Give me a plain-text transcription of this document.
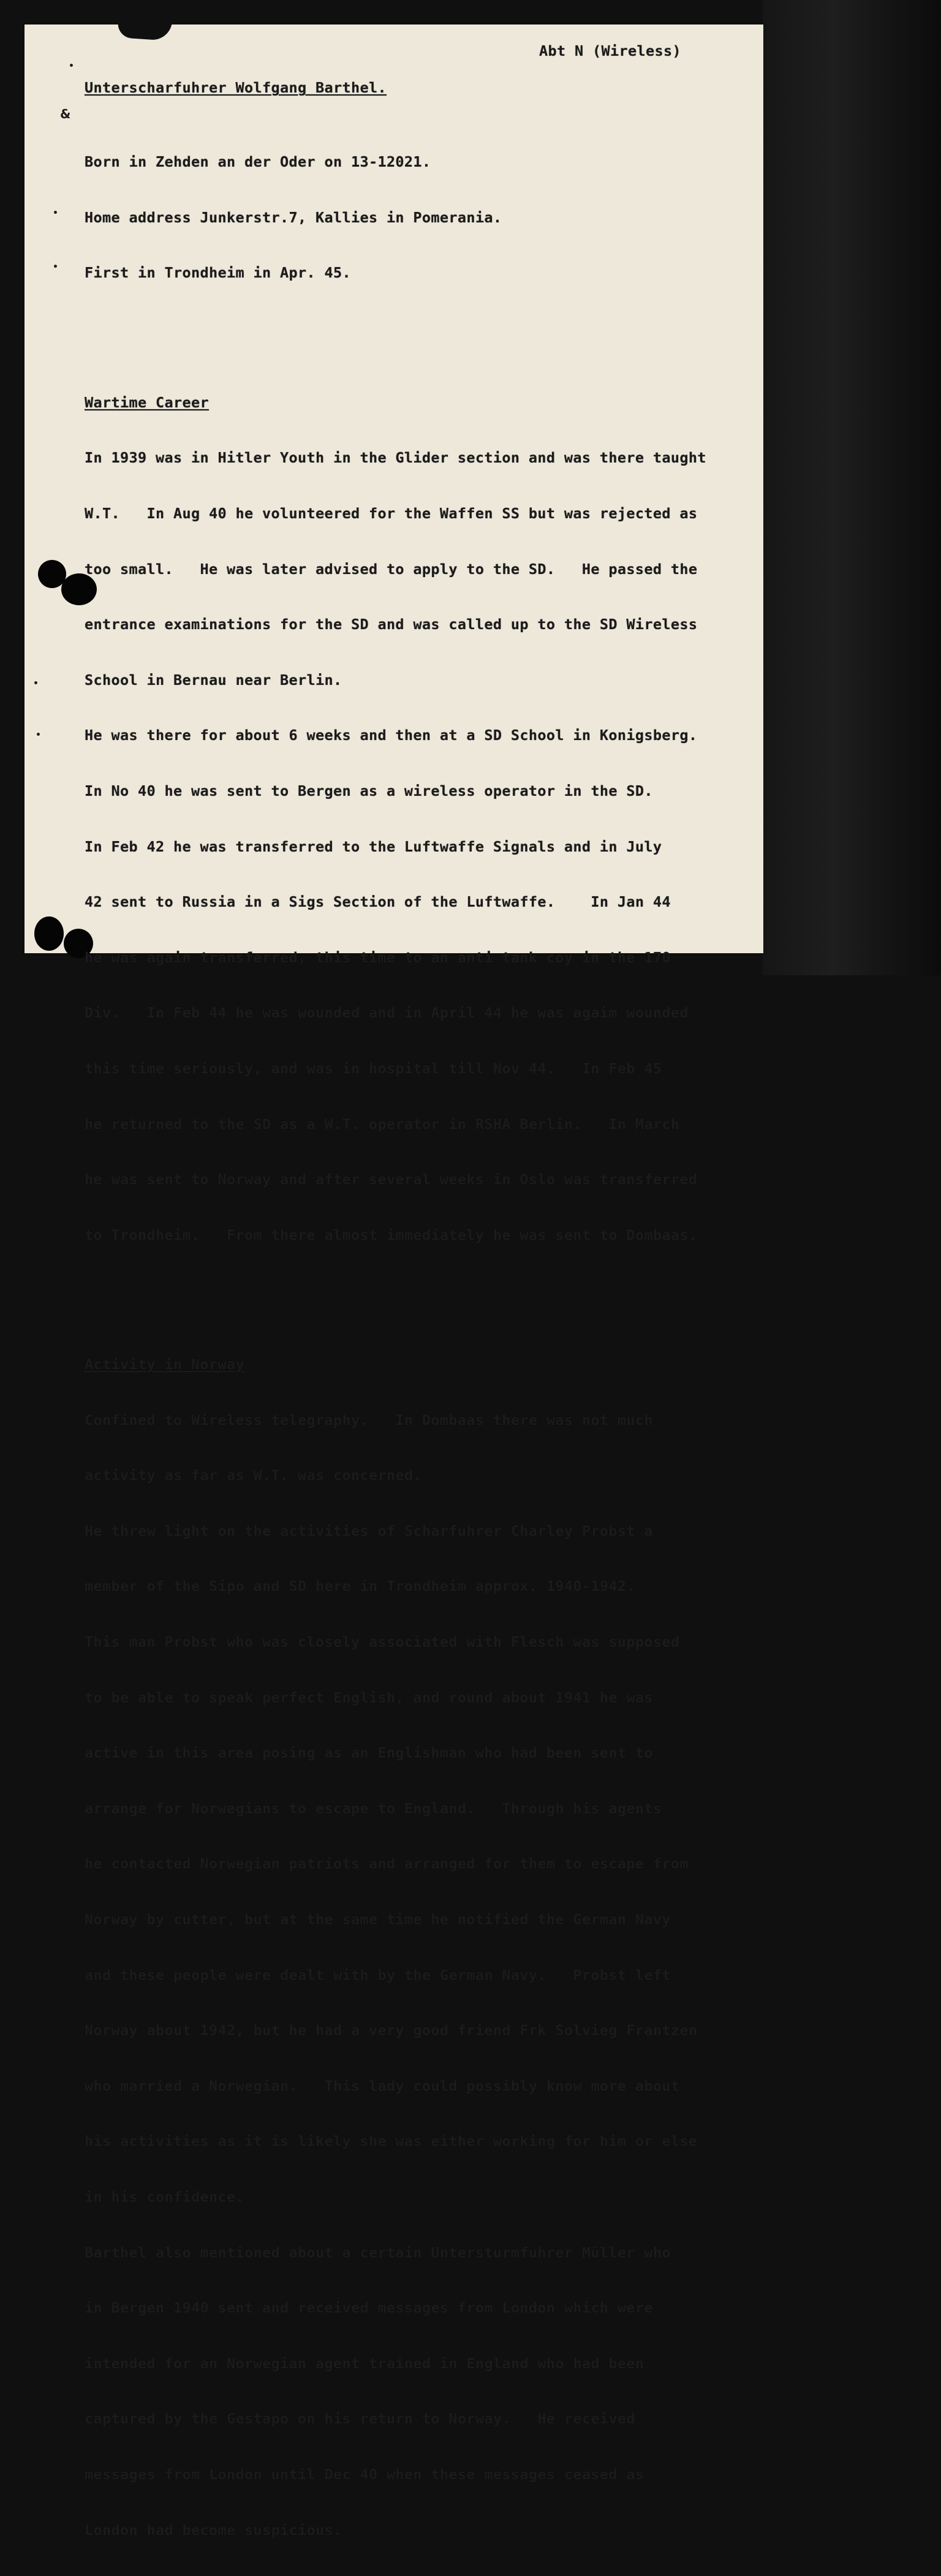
•
&
•
•
•
•

Unterscharfuhrer Wolfgang Barthel.

Abt N (Wireless)

Born in Zehden an der Oder on 13-12021.

Home address Junkerstr.7, Kallies in Pomerania.

First in Trondheim in Apr. 45.

Wartime Career

In 1939 was in Hitler Youth in the Glider section and was there taught

W.T.   In Aug 40 he volunteered for the Waffen SS but was rejected as

too small.   He was later advised to apply to the SD.   He passed the

entrance examinations for the SD and was called up to the SD Wireless

School in Bernau near Berlin.

He was there for about 6 weeks and then at a SD School in Konigsberg.

In No 40 he was sent to Bergen as a wireless operator in the SD.

In Feb 42 he was transferred to the Luftwaffe Signals and in July

42 sent to Russia in a Sigs Section of the Luftwaffe.    In Jan 44

he was again transferred, this time to an anti tank coy in the 170

Div.   In Feb 44 he was wounded and in April 44 he was agaim wounded

this time seriously, and was in hospital till Nov 44.   In Feb 45

he returned to the SD as a W.T. operator in RSHA Berlin.   In March

he was sent to Norway and after several weeks in Oslo was transferred

to Trondheim.   From there almost immediately he was sent to Dombaas.

Activity in Norway

Confined to Wireless telegraphy.   In Dombaas there was not much

activity as far as W.T. was concerned.

He threw light on the activities of Scharfuhrer Charley Probst a

member of the Sipo and SD here in Trondheim approx. 1940-1942.

This man Probst who was closely associated with Flesch was supposed

to be able to speak perfect English, and round about 1941 he was

active in this area posing as an Englishman who had been sent to

arrange for Norwegians to escape to England.   Through his agents

he contacted Norwegian patriots and arranged for them to escape from

Norway by cutter, but at the same time he notified the German Navy

and these people were dealt with by the German Navy.   Probst left

Norway about 1942, but he had a very good friend Frk Solvieg Frantzen

who married a Norwegian.   This lady could possibly know more about

his activities as it is likely she was either working for him or else

in his confidence.

Barthel also mentioned about a certain Untersturmfuhrer Müller who

in Bergen 1940 sent and received messages from London which were

intended for an Norwegian agent trained in England who had been

captured by the Gestapo on his return to Norway.   He received

messages from London until Dec 40 when these messages ceased as

London had become suspicious.
